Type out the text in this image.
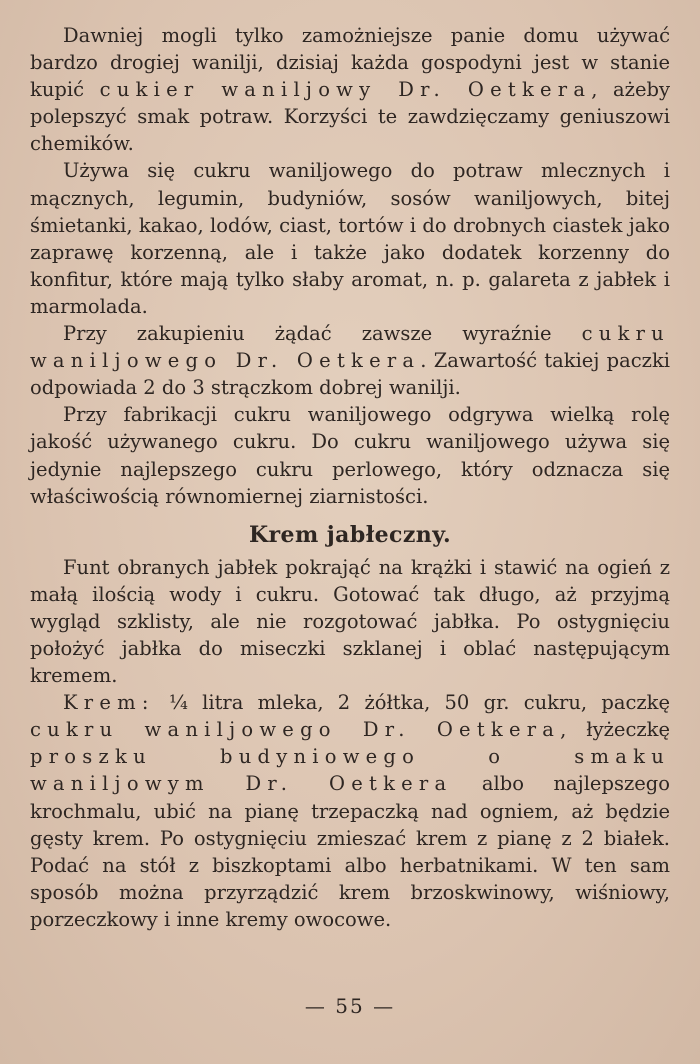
Dawniej mogli tylko zamożniejsze panie domu używać bardzo drogiej wanilji, dzisiaj każda gospodyni jest w stanie kupić cukier waniljowy Dr. Oetkera, ażeby polepszyć smak potraw. Korzyści te zawdzięczamy geniuszowi chemików.

Używa się cukru waniljowego do potraw mlecznych i mącznych, legumin, budyniów, sosów waniljowych, bitej śmietanki, kakao, lodów, ciast, tortów i do drobnych ciastek jako zaprawę korzenną, ale i także jako dodatek korzenny do konfitur, które mają tylko słaby aromat, n. p. galareta z jabłek i marmolada.

Przy zakupieniu żądać zawsze wyraźnie cukru waniljowego Dr. Oetkera. Zawartość takiej paczki odpowiada 2 do 3 strączkom dobrej wanilji.

Przy fabrikacji cukru waniljowego odgrywa wielką rolę jakość używanego cukru. Do cukru waniljowego używa się jedynie najlepszego cukru perlowego, który odznacza się właściwością równomiernej ziarnistości.

Krem jabłeczny.

Funt obranych jabłek pokrająć na krążki i stawić na ogień z małą ilością wody i cukru. Gotować tak długo, aż przyjmą wygląd szklisty, ale nie rozgotować jabłka. Po ostygnięciu położyć jabłka do miseczki szklanej i oblać następującym kremem.

Krem: ¼ litra mleka, 2 żółtka, 50 gr. cukru, paczkę cukru waniljowego Dr. Oetkera, łyżeczkę proszku budyniowego o smaku waniljowym Dr. Oetkera albo najlepszego krochmalu, ubić na pianę trzepaczką nad ogniem, aż będzie gęsty krem. Po ostygnięciu zmieszać krem z pianę z 2 białek. Podać na stół z biszkoptami albo herbatnikami. W ten sam sposób można przyrządzić krem brzoskwinowy, wiśniowy, porzeczkowy i inne kremy owocowe.

— 55 —
